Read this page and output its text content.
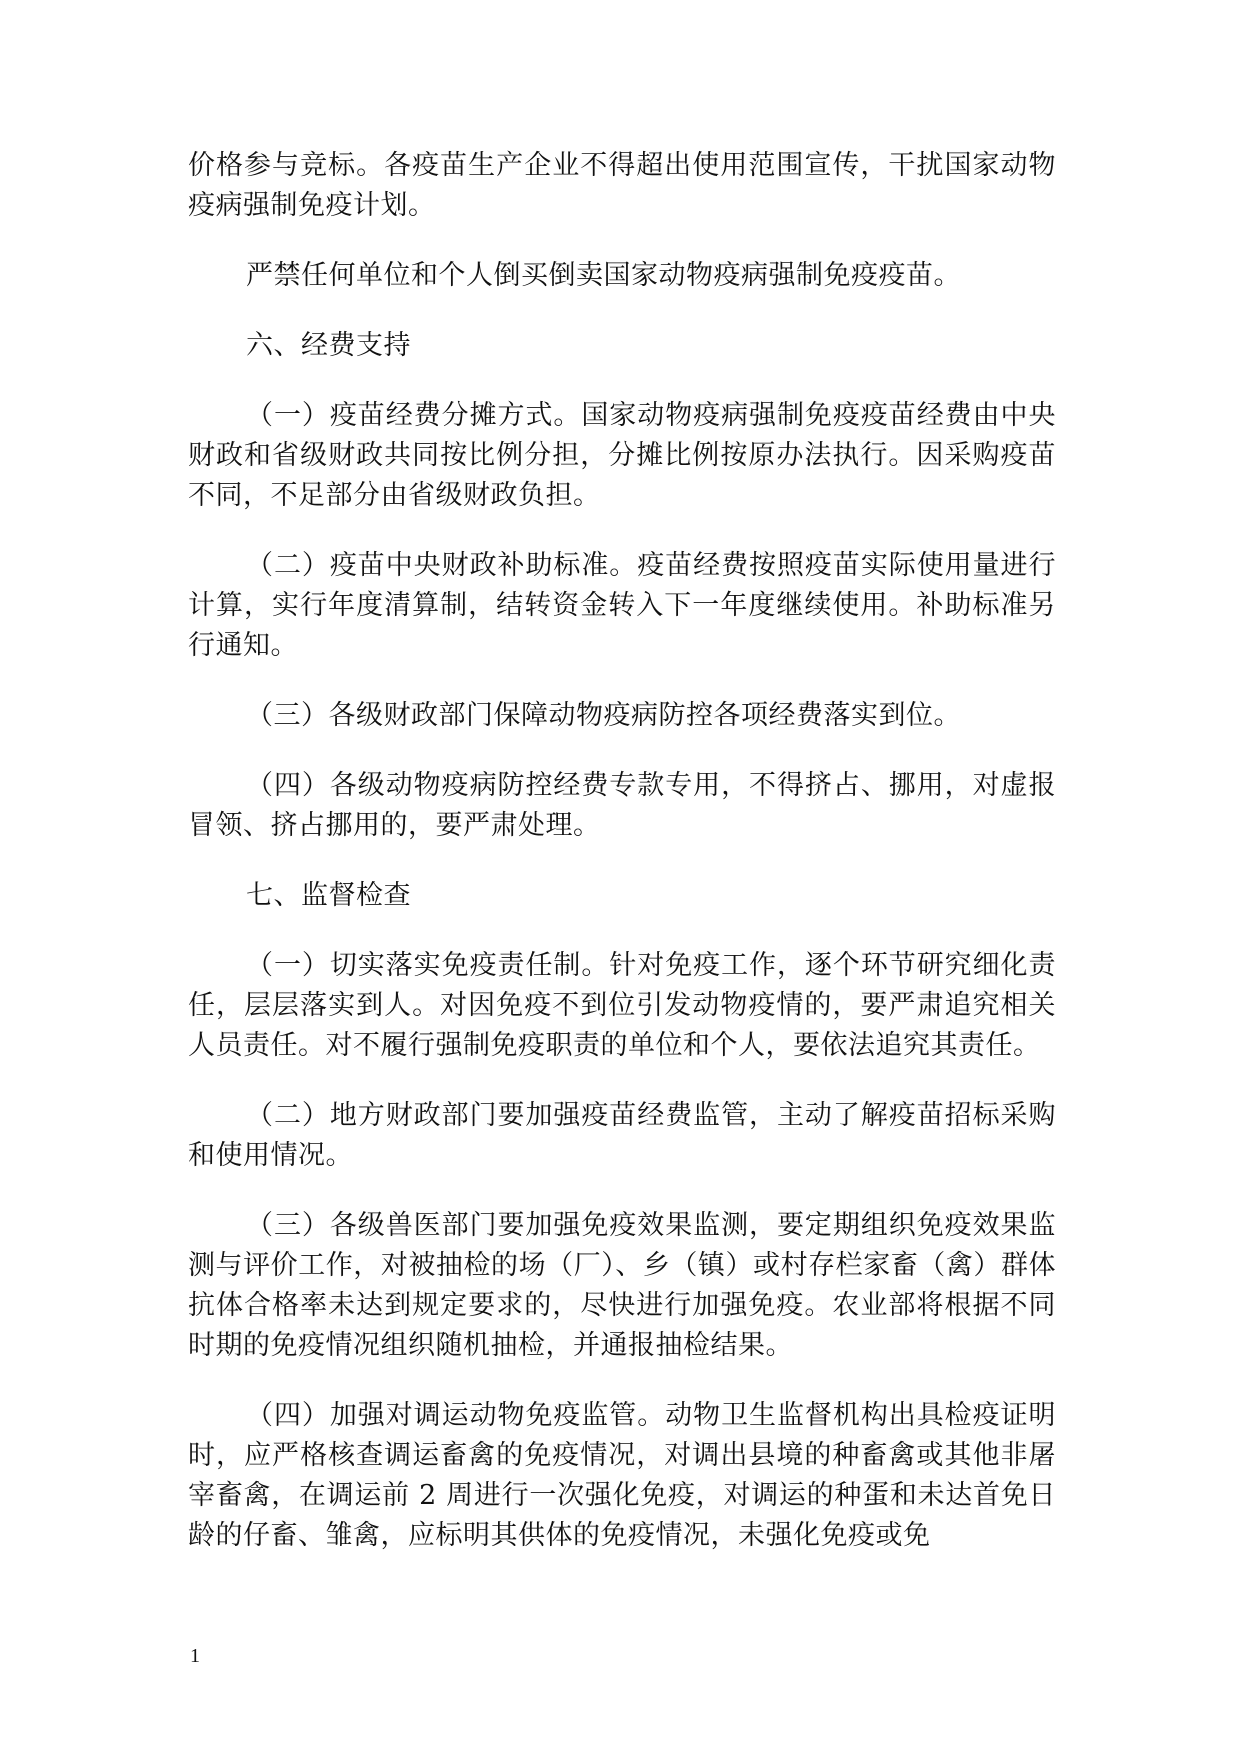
价格参与竞标。各疫苗生产企业不得超出使用范围宣传，干扰国家动物疫病强制免疫计划。

严禁任何单位和个人倒买倒卖国家动物疫病强制免疫疫苗。

六、经费支持

（一）疫苗经费分摊方式。国家动物疫病强制免疫疫苗经费由中央财政和省级财政共同按比例分担，分摊比例按原办法执行。因采购疫苗不同，不足部分由省级财政负担。

（二）疫苗中央财政补助标准。疫苗经费按照疫苗实际使用量进行计算，实行年度清算制，结转资金转入下一年度继续使用。补助标准另行通知。

（三）各级财政部门保障动物疫病防控各项经费落实到位。

（四）各级动物疫病防控经费专款专用，不得挤占、挪用，对虚报冒领、挤占挪用的，要严肃处理。

七、监督检查

（一）切实落实免疫责任制。针对免疫工作，逐个环节研究细化责任，层层落实到人。对因免疫不到位引发动物疫情的，要严肃追究相关人员责任。对不履行强制免疫职责的单位和个人，要依法追究其责任。

（二）地方财政部门要加强疫苗经费监管，主动了解疫苗招标采购和使用情况。

（三）各级兽医部门要加强免疫效果监测，要定期组织免疫效果监测与评价工作，对被抽检的场（厂）、乡（镇）或村存栏家畜（禽）群体抗体合格率未达到规定要求的，尽快进行加强免疫。农业部将根据不同时期的免疫情况组织随机抽检，并通报抽检结果。

（四）加强对调运动物免疫监管。动物卫生监督机构出具检疫证明时，应严格核查调运畜禽的免疫情况，对调出县境的种畜禽或其他非屠宰畜禽，在调运前 2 周进行一次强化免疫，对调运的种蛋和未达首免日龄的仔畜、雏禽，应标明其供体的免疫情况，未强化免疫或免

1
